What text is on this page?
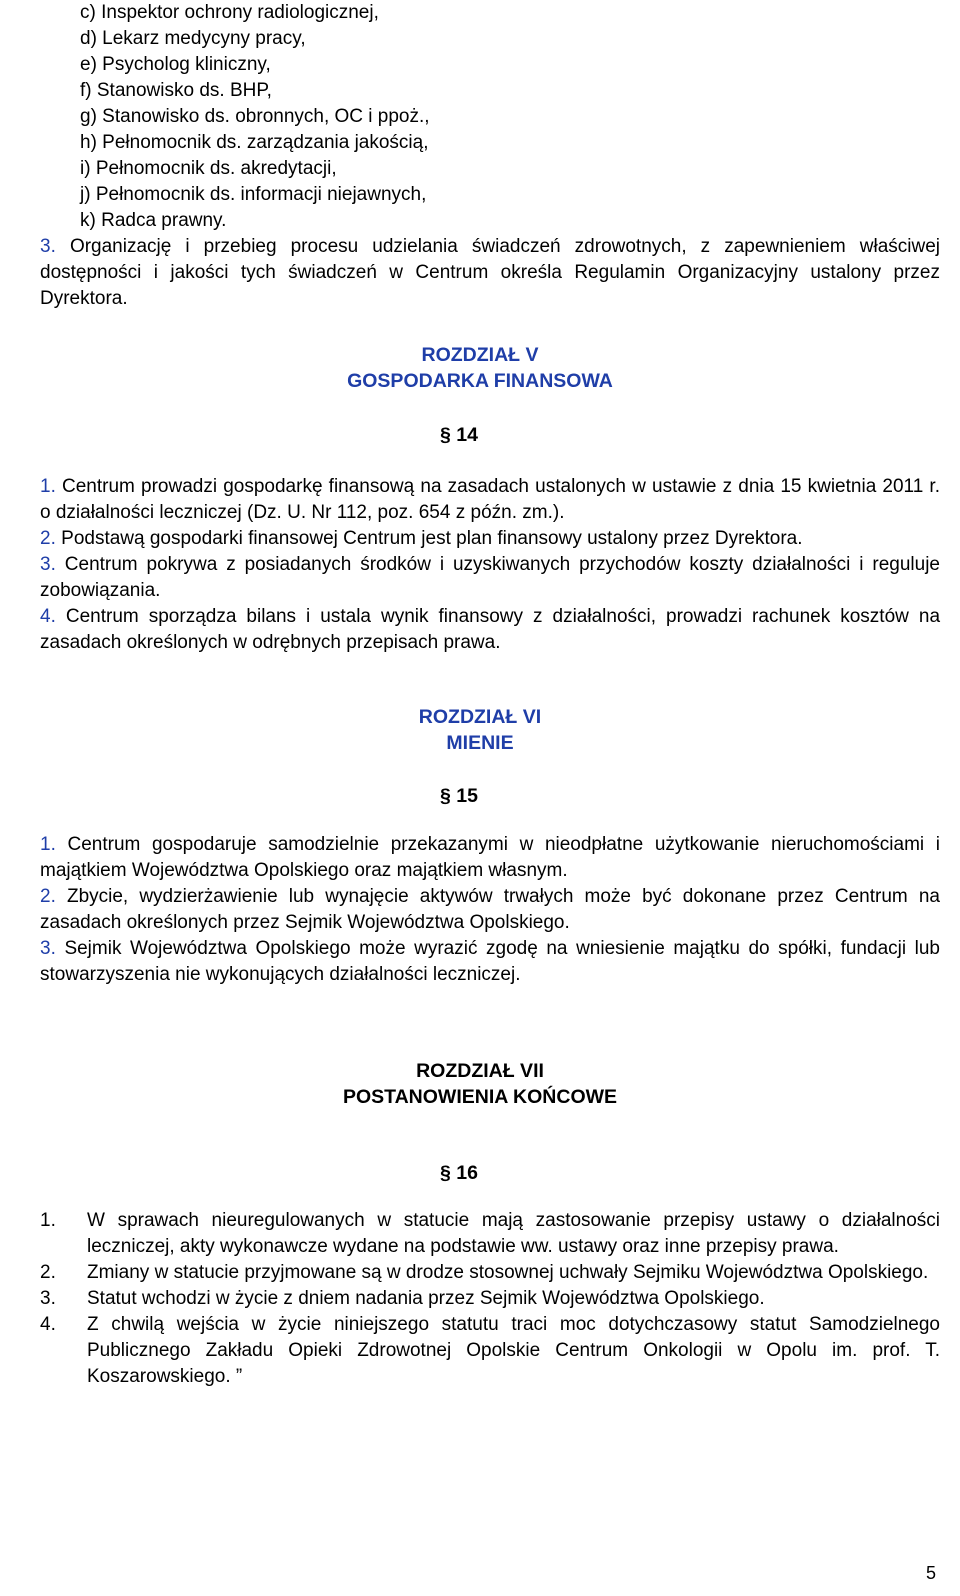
c) Inspektor ochrony radiologicznej,
d) Lekarz medycyny pracy,
e) Psycholog kliniczny,
f) Stanowisko ds. BHP,
g) Stanowisko ds. obronnych, OC i ppoż.,
h) Pełnomocnik ds. zarządzania jakością,
i) Pełnomocnik ds. akredytacji,
j) Pełnomocnik ds. informacji niejawnych,
k) Radca prawny.
3. Organizację i przebieg procesu udzielania świadczeń zdrowotnych, z zapewnieniem właściwej dostępności i jakości tych świadczeń w Centrum określa Regulamin Organizacyjny ustalony przez Dyrektora.
ROZDZIAŁ V
GOSPODARKA FINANSOWA
§ 14
1. Centrum prowadzi gospodarkę finansową na zasadach ustalonych w ustawie z dnia 15 kwietnia 2011 r. o działalności leczniczej (Dz. U. Nr 112, poz. 654 z późn. zm.).
2. Podstawą gospodarki finansowej Centrum jest plan finansowy ustalony przez Dyrektora.
3. Centrum pokrywa z posiadanych środków i uzyskiwanych przychodów koszty działalności i reguluje zobowiązania.
4. Centrum sporządza bilans i ustala wynik finansowy z działalności, prowadzi rachunek kosztów na zasadach określonych w odrębnych przepisach prawa.
ROZDZIAŁ VI
MIENIE
§ 15
1. Centrum gospodaruje samodzielnie przekazanymi w nieodpłatne użytkowanie nieruchomościami i majątkiem Województwa Opolskiego oraz majątkiem własnym.
2. Zbycie, wydzierżawienie lub wynajęcie aktywów trwałych może być dokonane przez Centrum na zasadach określonych przez Sejmik Województwa Opolskiego.
3. Sejmik Województwa Opolskiego może wyrazić zgodę na wniesienie majątku do spółki, fundacji lub stowarzyszenia nie wykonujących działalności leczniczej.
ROZDZIAŁ VII
POSTANOWIENIA KOŃCOWE
§ 16
1. W sprawach nieuregulowanych w statucie mają zastosowanie przepisy ustawy o działalności leczniczej, akty wykonawcze wydane na podstawie ww. ustawy oraz inne przepisy prawa.
2. Zmiany w statucie przyjmowane są w drodze stosownej uchwały Sejmiku Województwa Opolskiego.
3. Statut wchodzi w życie z dniem nadania przez Sejmik Województwa Opolskiego.
4. Z chwilą wejścia w życie niniejszego statutu traci moc dotychczasowy statut Samodzielnego Publicznego Zakładu Opieki Zdrowotnej Opolskie Centrum Onkologii w Opolu im. prof. T. Koszarowskiego. ”
5
